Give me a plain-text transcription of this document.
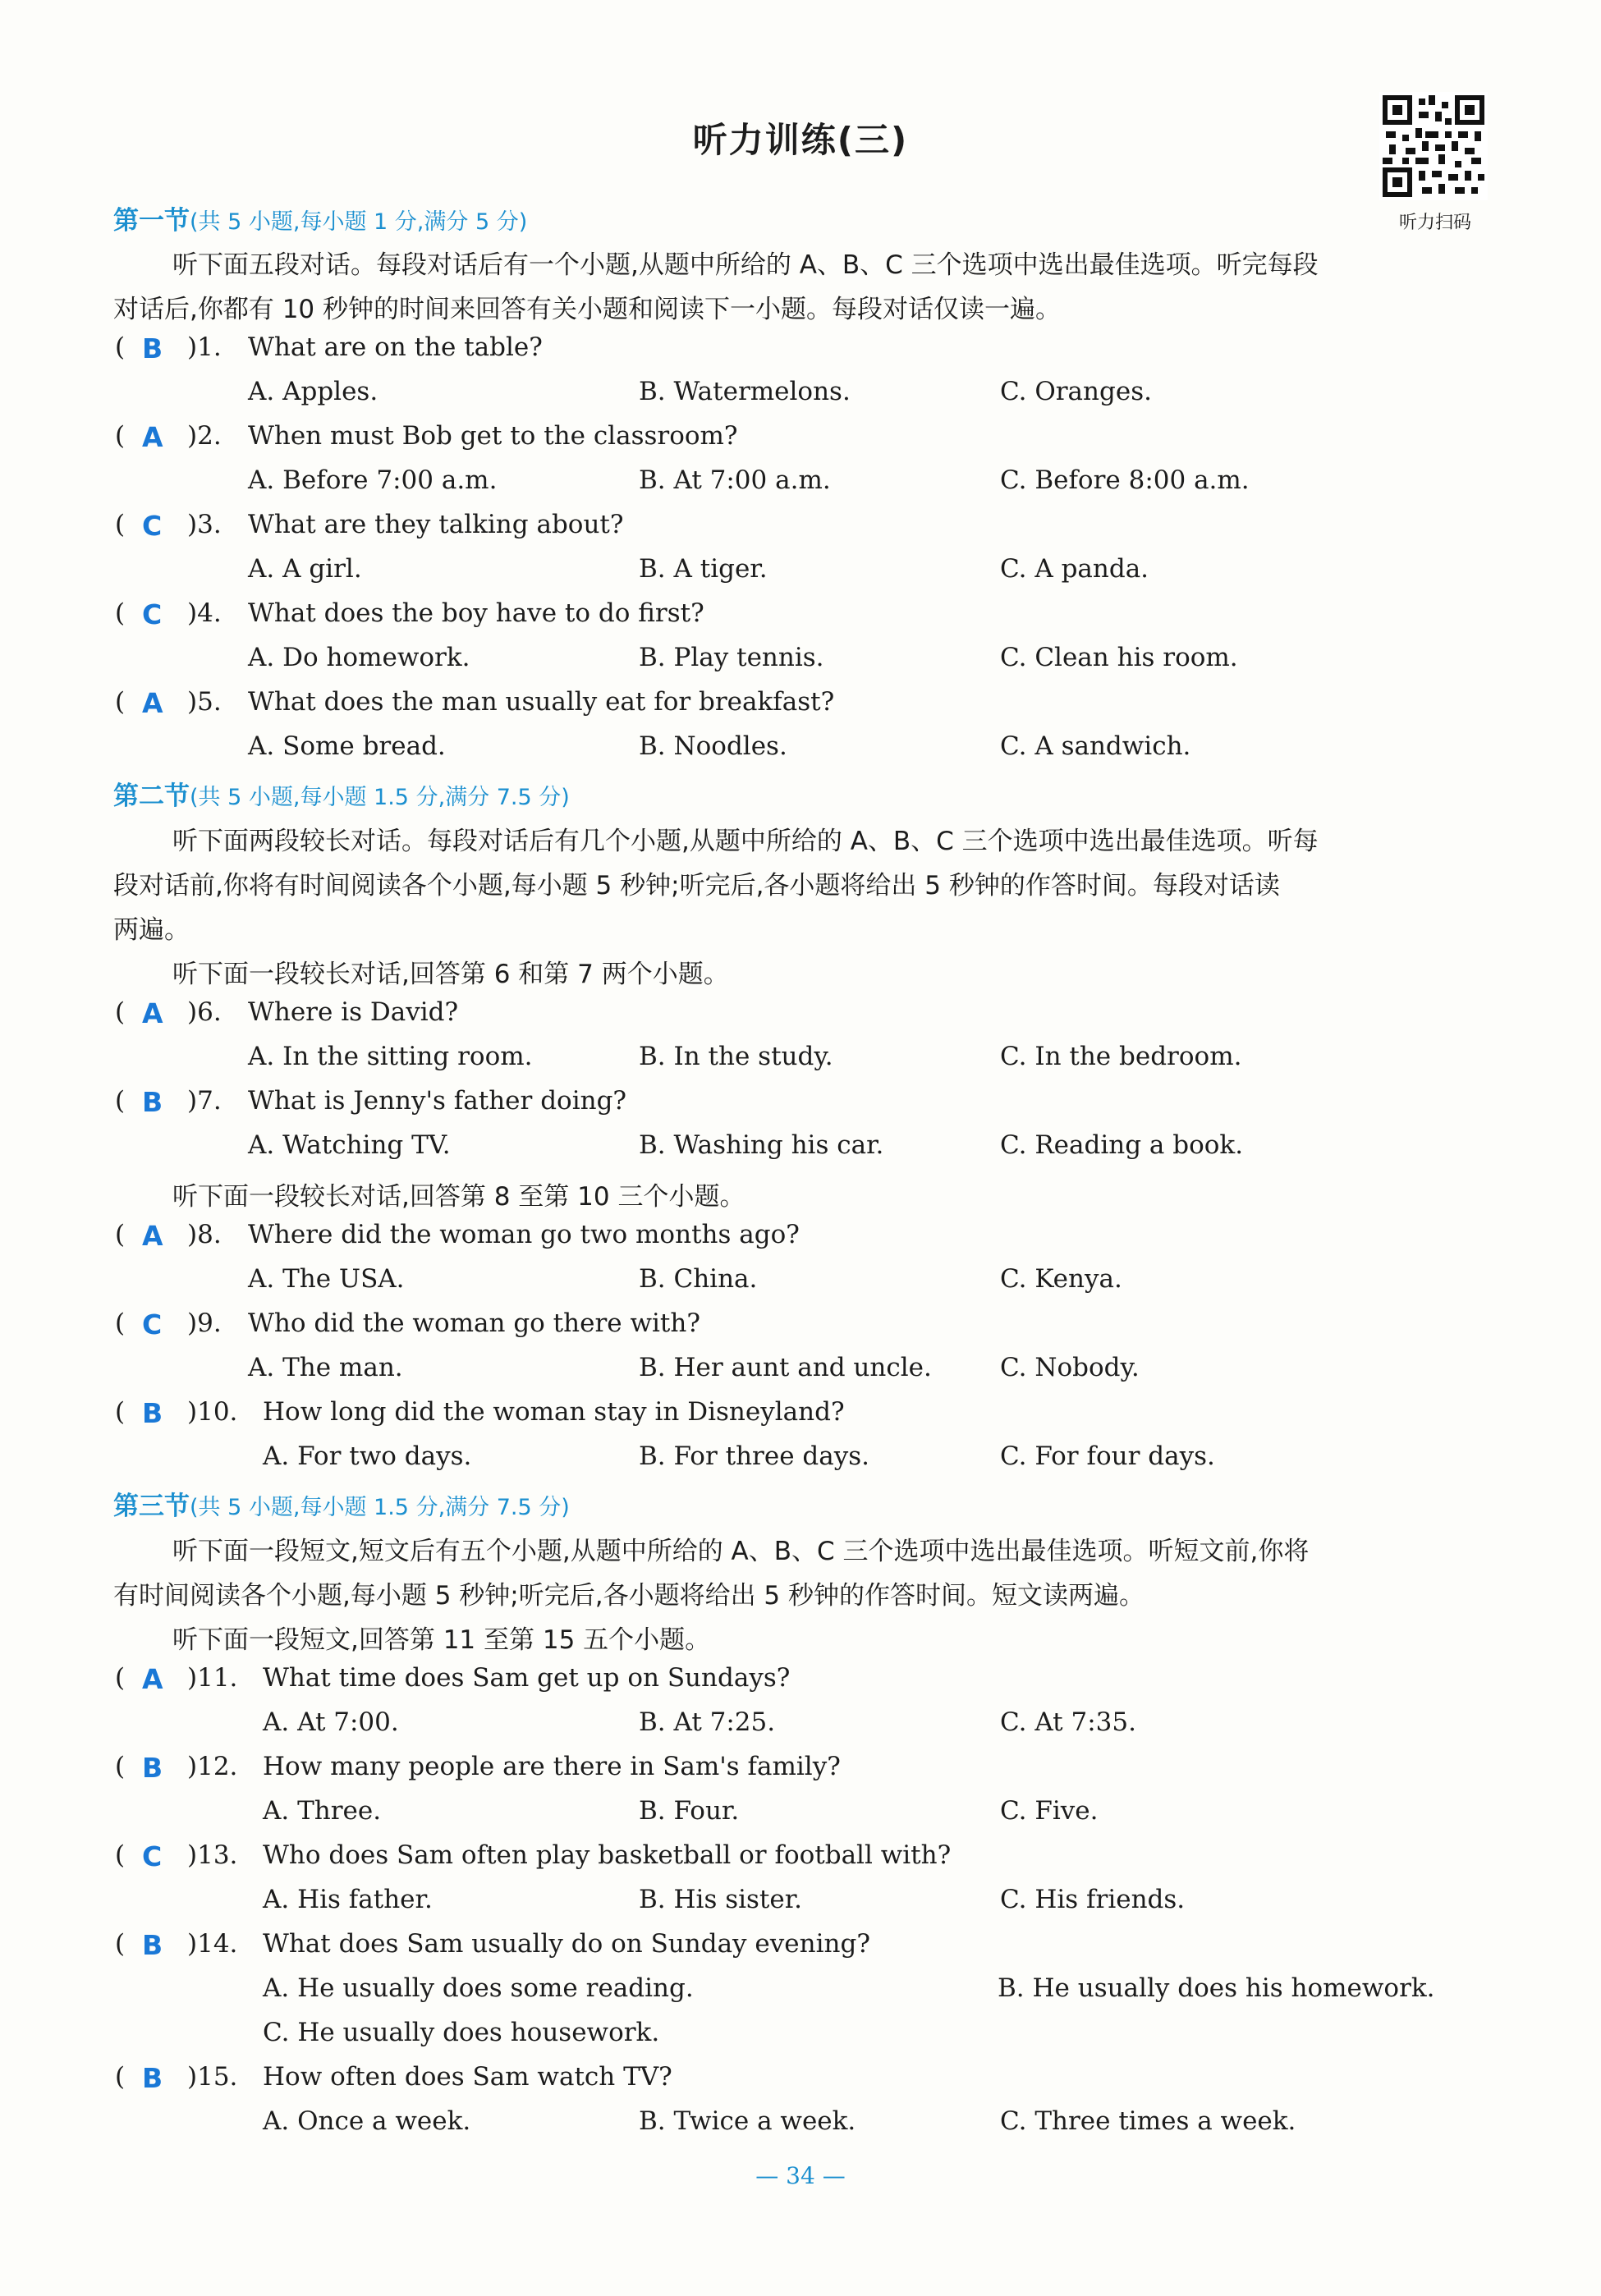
听力训练(三)
听力扫码
第一节(共 5 小题,每小题 1 分,满分 5 分)
听下面五段对话。每段对话后有一个小题,从题中所给的 A、B、C 三个选项中选出最佳选项。听完每段
对话后,你都有 10 秒钟的时间来回答有关小题和阅读下一小题。每段对话仅读一遍。
第二节(共 5 小题,每小题 1.5 分,满分 7.5 分)
听下面两段较长对话。每段对话后有几个小题,从题中所给的 A、B、C 三个选项中选出最佳选项。听每
段对话前,你将有时间阅读各个小题,每小题 5 秒钟;听完后,各小题将给出 5 秒钟的作答时间。每段对话读
两遍。
听下面一段较长对话,回答第 6 和第 7 两个小题。
听下面一段较长对话,回答第 8 至第 10 三个小题。
第三节(共 5 小题,每小题 1.5 分,满分 7.5 分)
听下面一段短文,短文后有五个小题,从题中所给的 A、B、C 三个选项中选出最佳选项。听短文前,你将
有时间阅读各个小题,每小题 5 秒钟;听完后,各小题将给出 5 秒钟的作答时间。短文读两遍。
听下面一段短文,回答第 11 至第 15 五个小题。
( B )1. What are on the table?
A. Apples.	B. Watermelons.	C. Oranges.
( A )2. When must Bob get to the classroom?
A. Before 7:00 a.m.	B. At 7:00 a.m.	C. Before 8:00 a.m.
( C )3. What are they talking about?
A. A girl.	B. A tiger.	C. A panda.
( C )4. What does the boy have to do first?
A. Do homework.	B. Play tennis.	C. Clean his room.
( A )5. What does the man usually eat for breakfast?
A. Some bread.	B. Noodles.	C. A sandwich.
( A )6. Where is David?
A. In the sitting room.	B. In the study.	C. In the bedroom.
( B )7. What is Jenny's father doing?
A. Watching TV.	B. Washing his car.	C. Reading a book.
( A )8. Where did the woman go two months ago?
A. The USA.	B. China.	C. Kenya.
( C )9. Who did the woman go there with?
A. The man.	B. Her aunt and uncle.	C. Nobody.
( B )10. How long did the woman stay in Disneyland?
A. For two days.	B. For three days.	C. For four days.
( A )11. What time does Sam get up on Sundays?
A. At 7:00.	B. At 7:25.	C. At 7:35.
( B )12. How many people are there in Sam's family?
A. Three.	B. Four.	C. Five.
( C )13. Who does Sam often play basketball or football with?
A. His father.	B. His sister.	C. His friends.
( B )14. What does Sam usually do on Sunday evening?
A. He usually does some reading.	B. He usually does his homework.
C. He usually does housework.
( B )15. How often does Sam watch TV?
A. Once a week.	B. Twice a week.	C. Three times a week.
— 34 —
